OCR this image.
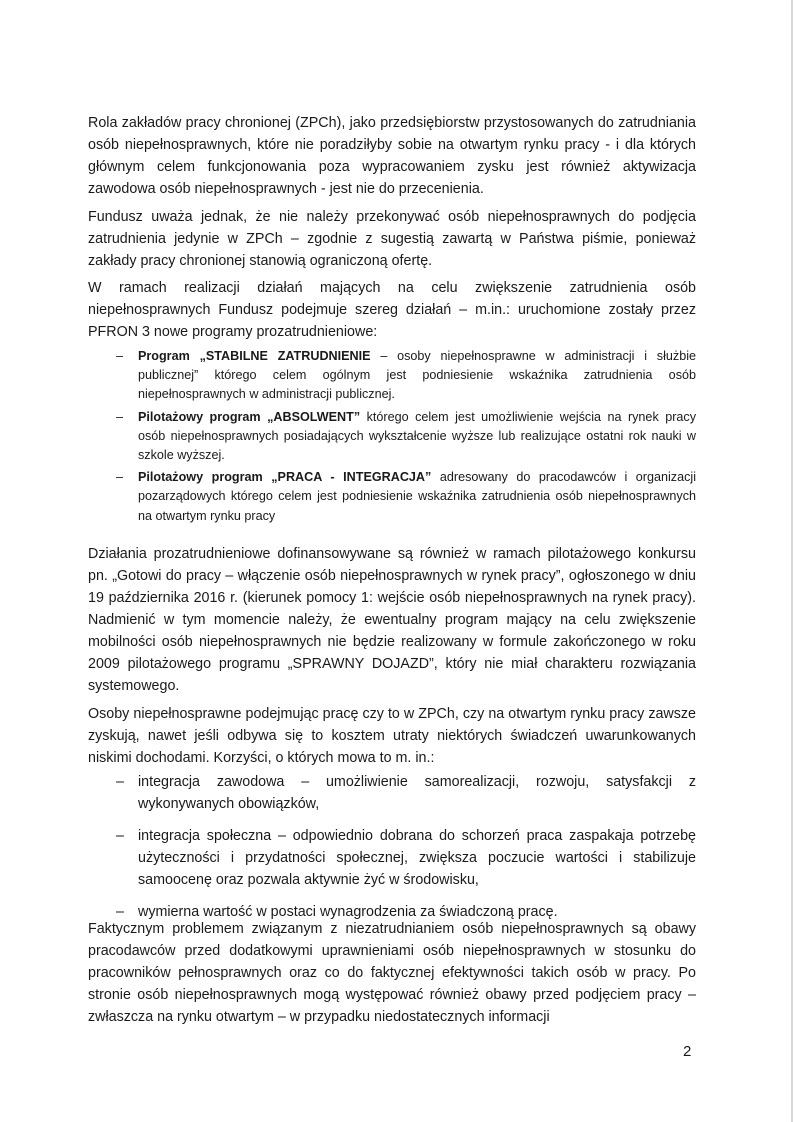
Rola zakładów pracy chronionej (ZPCh), jako przedsiębiorstw przystosowanych do zatrudniania osób niepełnosprawnych, które nie poradziłyby sobie na otwartym rynku pracy - i dla których głównym celem funkcjonowania poza wypracowaniem zysku jest również aktywizacja zawodowa osób niepełnosprawnych - jest nie do przecenienia.

Fundusz uważa jednak, że nie należy przekonywać osób niepełnosprawnych do podjęcia zatrudnienia jedynie w ZPCh – zgodnie z sugestią zawartą w Państwa piśmie, ponieważ zakłady pracy chronionej stanowią ograniczoną ofertę.

W ramach realizacji działań mających na celu zwiększenie zatrudnienia osób niepełnosprawnych Fundusz podejmuje szereg działań – m.in.: uruchomione zostały przez PFRON 3 nowe programy prozatrudnieniowe:

– Program „STABILNE ZATRUDNIENIE – osoby niepełnosprawne w administracji i służbie publicznej” którego celem ogólnym jest podniesienie wskaźnika zatrudnienia osób niepełnosprawnych w administracji publicznej.
– Pilotażowy program „ABSOLWENT” którego celem jest umożliwienie wejścia na rynek pracy osób niepełnosprawnych posiadających wykształcenie wyższe lub realizujące ostatni rok nauki w szkole wyższej.
– Pilotażowy program „PRACA - INTEGRACJA” adresowany do pracodawców i organizacji pozarządowych którego celem jest podniesienie wskaźnika zatrudnienia osób niepełnosprawnych na otwartym rynku pracy

Działania prozatrudnieniowe dofinansowywane są również w ramach pilotażowego konkursu pn. „Gotowi do pracy – włączenie osób niepełnosprawnych w rynek pracy”, ogłoszonego w dniu 19 października 2016 r. (kierunek pomocy 1: wejście osób niepełnosprawnych na rynek pracy). Nadmienić w tym momencie należy, że ewentualny program mający na celu zwiększenie mobilności osób niepełnosprawnych nie będzie realizowany w formule zakończonego w roku 2009 pilotażowego programu „SPRAWNY DOJAZD”, który nie miał charakteru rozwiązania systemowego.

Osoby niepełnosprawne podejmując pracę czy to w ZPCh, czy na otwartym rynku pracy zawsze zyskują, nawet jeśli odbywa się to kosztem utraty niektórych świadczeń uwarunkowanych niskimi dochodami. Korzyści, o których mowa to m. in.:

– integracja zawodowa – umożliwienie samorealizacji, rozwoju, satysfakcji z wykonywanych obowiązków,
– integracja społeczna – odpowiednio dobrana do schorzeń praca zaspakaja potrzebę użyteczności i przydatności społecznej, zwiększa poczucie wartości i stabilizuje samoocenę oraz pozwala aktywnie żyć w środowisku,
– wymierna wartość w postaci wynagrodzenia za świadczoną pracę.

Faktycznym problemem związanym z niezatrudnianiem osób niepełnosprawnych są obawy pracodawców przed dodatkowymi uprawnieniami osób niepełnosprawnych w stosunku do pracowników pełnosprawnych oraz co do faktycznej efektywności takich osób w pracy. Po stronie osób niepełnosprawnych mogą występować również obawy przed podjęciem pracy – zwłaszcza na rynku otwartym – w przypadku niedostatecznych informacji

2
